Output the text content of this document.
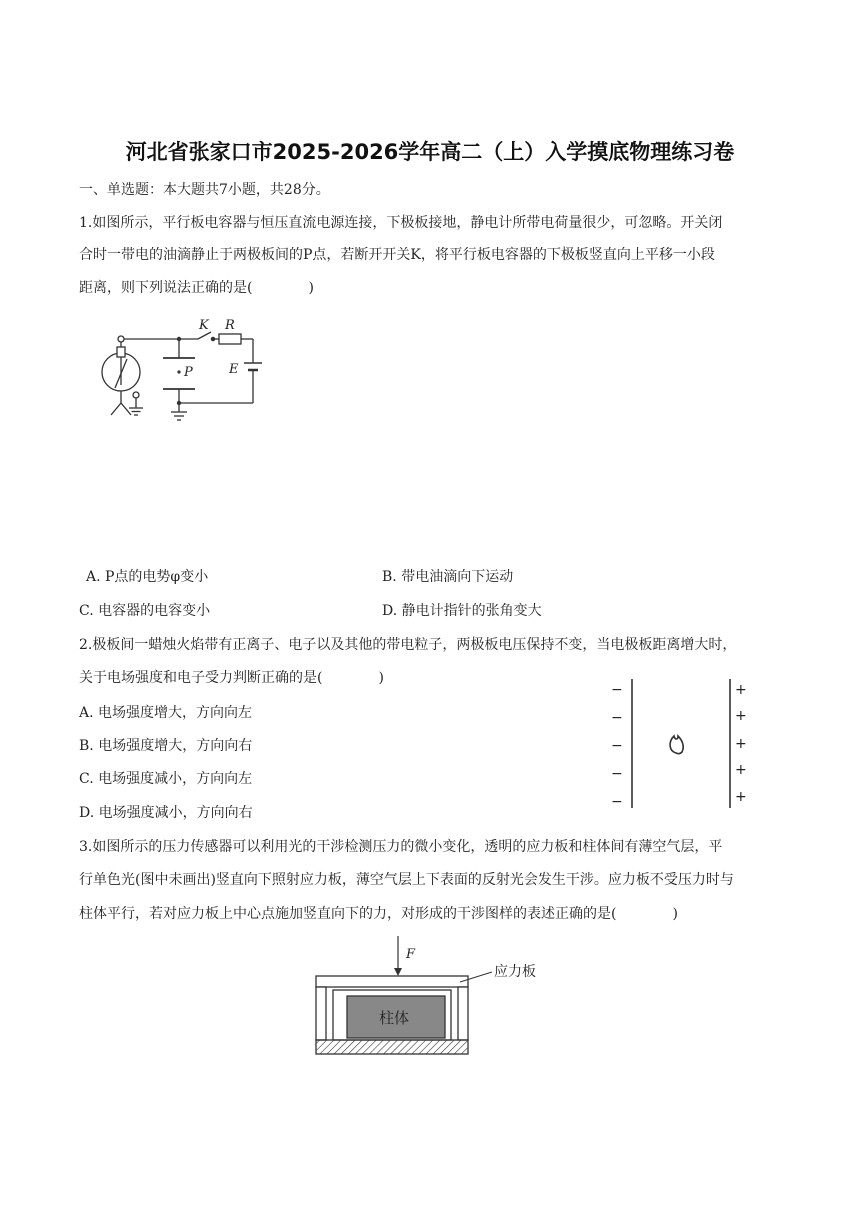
河北省张家口市2025-2026学年高二（上）入学摸底物理练习卷
一、单选题：本大题共7小题，共28分。
1.如图所示，平行板电容器与恒压直流电源连接，下极板接地，静电计所带电荷量很少，可忽略。开关闭
合时一带电的油滴静止于两极板间的P点，若断开开关K，将平行板电容器的下极板竖直向上平移一小段
距离，则下列说法正确的是(　　　　)
K R
P	E
A. P点的电势φ变小	B. 带电油滴向下运动
C. 电容器的电容变小	D. 静电计指针的张角变大
2.极板间一蜡烛火焰带有正离子、电子以及其他的带电粒子，两极板电压保持不变，当电极板距离增大时，
关于电场强度和电子受力判断正确的是(　　　　)
A. 电场强度增大，方向向左
B. 电场强度增大，方向向右
C. 电场强度减小，方向向左
D. 电场强度减小，方向向右
−
−
−
−
−
+
+
+
+
+
3.如图所示的压力传感器可以利用光的干涉检测压力的微小变化，透明的应力板和柱体间有薄空气层，平
行单色光(图中未画出)竖直向下照射应力板，薄空气层上下表面的反射光会发生干涉。应力板不受压力时与
柱体平行，若对应力板上中心点施加竖直向下的力，对形成的干涉图样的表述正确的是(　　　　)
F
柱体
应力板
